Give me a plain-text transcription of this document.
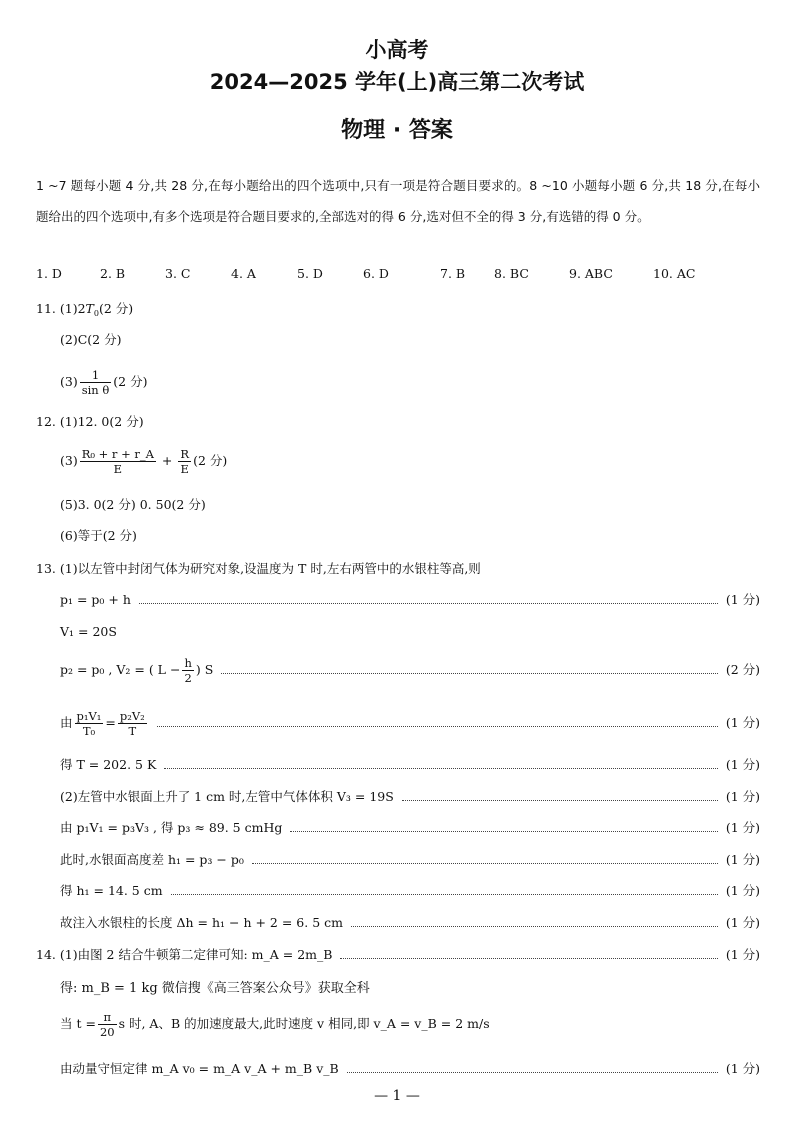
小高考
2024—2025 学年(上)高三第二次考试
物理 · 答案
1 ~7 题每小题 4 分,共 28 分,在每小题给出的四个选项中,只有一项是符合题目要求的。8 ~10 小题每小题 6 分,共 18 分,在每小题给出的四个选项中,有多个选项是符合题目要求的,全部选对的得 6 分,选对但不全的得 3 分,有选错的得 0 分。
1. D	2. B	3. C	4. A	5. D	6. D	7. B 8. BC	9. ABC	10. AC
11. $(1)2T_0(2$ 分)
(2)C(2 分)
$(3) \frac{1}{\text{sin θ}} (2$ 分)
12. (1)12. 0(2 分)
$(3) \frac{\text{R₀ + r + r\_A}}{E} + \frac{R}{E} (2$ 分)
(5)3. 0(2 分) 0. 50(2 分)
(6)等于(2 分)
13. (1)以左管中封闭气体为研究对象,设温度为 T 时,左右两管中的水银柱等高,则
p₁ = p₀ + h	(1 分)
V₁ = 20S
p₂ = p₀ , V₂ = ( $L - \frac{h}{2}$ ) S	(2 分)
由 $\frac{\text{p₁V₁}}{\text{T₀}} = \frac{\text{p₂V₂}}{T}$	(1 分)
得 T = 202. 5 K	(1 分)
(2)左管中水银面上升了 1 cm 时,左管中气体体积 V₃ = 19S	(1 分)
由 p₁V₁ = p₃V₃ , 得 p₃ ≈ 89. 5 cmHg	(1 分)
此时,水银面高度差 h₁ = p₃ − p₀	(1 分)
得 h₁ = 14. 5 cm	(1 分)
故注入水银柱的长度 Δh = h₁ − h + 2 = 6. 5 cm	(1 分)
14.
(1)由图 2 结合牛顿第二定律可知: m_A = 2m_B	(1 分)
得: m_B = 1 kg 微信搜《高三答案公众号》获取全科
当 $t = \frac{\pi}{20}$ s 时, A、B 的加速度最大,此时速度 v 相同,即 v_A = v_B = 2 m/s
由动量守恒定律 m_A v₀ = m_A v_A + m_B v_B	(1 分)
— 1 —
